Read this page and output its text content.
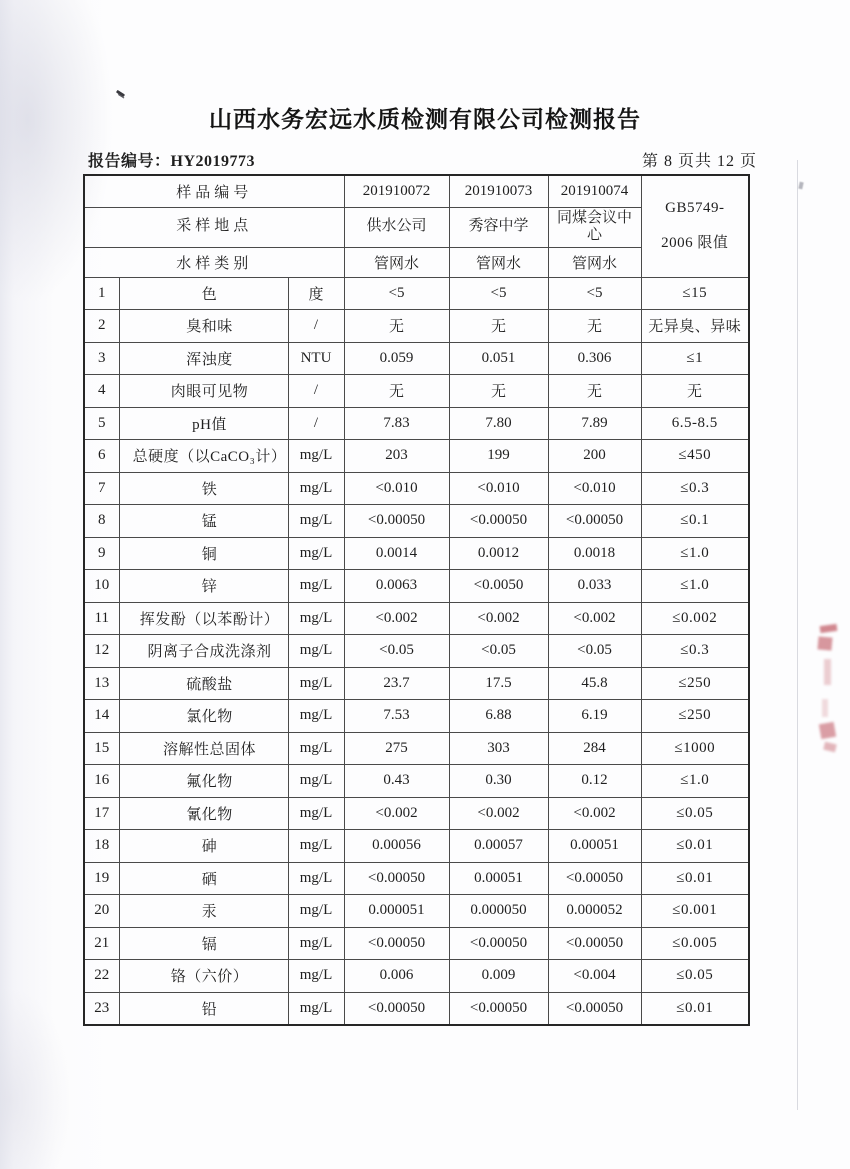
山西水务宏远水质检测有限公司检测报告
报告编号：HY2019773	第 8 页共 12 页
样品编号			201910072	201910073	201910074	GB5749-
2006 限值

采样地点			供水公司	秀容中学	同煤会议中心	
水样类别			管网水	管网水	管网水	
1	色	度	<5	<5	<5	≤15
2	臭和味	/	无	无	无	无异臭、异味
3	浑浊度	NTU	0.059	0.051	0.306	≤1
4	肉眼可见物	/	无	无	无	无
5	pH值	/	7.83	7.80	7.89	6.5-8.5
6	总硬度（以CaCO₃计）	mg/L	203	199	200	≤450
7	铁	mg/L	<0.010	<0.010	<0.010	≤0.3
8	锰	mg/L	<0.00050	<0.00050	<0.00050	≤0.1
9	铜	mg/L	0.0014	0.0012	0.0018	≤1.0
10	锌	mg/L	0.0063	<0.0050	0.033	≤1.0
11	挥发酚（以苯酚计）	mg/L	<0.002	<0.002	<0.002	≤0.002
12	阴离子合成洗涤剂	mg/L	<0.05	<0.05	<0.05	≤0.3
13	硫酸盐	mg/L	23.7	17.5	45.8	≤250
14	氯化物	mg/L	7.53	6.88	6.19	≤250
15	溶解性总固体	mg/L	275	303	284	≤1000
16	氟化物	mg/L	0.43	0.30	0.12	≤1.0
17	氰化物	mg/L	<0.002	<0.002	<0.002	≤0.05
18	砷	mg/L	0.00056	0.00057	0.00051	≤0.01
19	硒	mg/L	<0.00050	0.00051	<0.00050	≤0.01
20	汞	mg/L	0.000051	0.000050	0.000052	≤0.001
21	镉	mg/L	<0.00050	<0.00050	<0.00050	≤0.005
22	铬（六价）	mg/L	0.006	0.009	<0.004	≤0.05
23	铅	mg/L	<0.00050	<0.00050	<0.00050	≤0.01
